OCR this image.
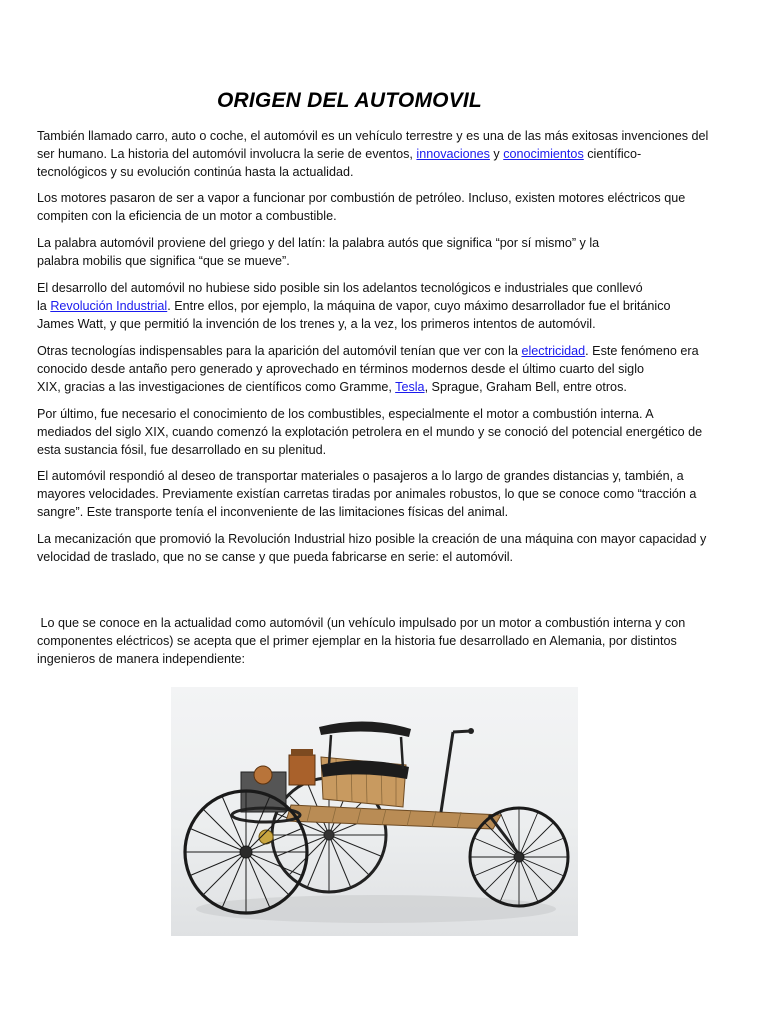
ORIGEN DEL AUTOMOVIL
También llamado carro, auto o coche, el automóvil es un vehículo terrestre y es una de las más exitosas invenciones del
ser humano. La historia del automóvil involucra la serie de eventos, innovaciones y conocimientos científico-
tecnológicos y su evolución continúa hasta la actualidad.
Los motores pasaron de ser a vapor a funcionar por combustión de petróleo. Incluso, existen motores eléctricos que
compiten con la eficiencia de un motor a combustible.
La palabra automóvil proviene del griego y del latín: la palabra autós que significa “por sí mismo” y la
palabra mobilis que significa “que se mueve”.
El desarrollo del automóvil no hubiese sido posible sin los adelantos tecnológicos e industriales que conllevó
la Revolución Industrial. Entre ellos, por ejemplo, la máquina de vapor, cuyo máximo desarrollador fue el británico
James Watt, y que permitió la invención de los trenes y, a la vez, los primeros intentos de automóvil.
Otras tecnologías indispensables para la aparición del automóvil tenían que ver con la electricidad. Este fenómeno era
conocido desde antaño pero generado y aprovechado en términos modernos desde el último cuarto del siglo
XIX, gracias a las investigaciones de científicos como Gramme, Tesla, Sprague, Graham Bell, entre otros.
Por último, fue necesario el conocimiento de los combustibles, especialmente el motor a combustión interna. A
mediados del siglo XIX, cuando comenzó la explotación petrolera en el mundo y se conoció del potencial energético de
esta sustancia fósil, fue desarrollado en su plenitud.
El automóvil respondió al deseo de transportar materiales o pasajeros a lo largo de grandes distancias y, también, a
mayores velocidades. Previamente existían carretas tiradas por animales robustos, lo que se conoce como “tracción a
sangre”. Este transporte tenía el inconveniente de las limitaciones físicas del animal.
La mecanización que promovió la Revolución Industrial hizo posible la creación de una máquina con mayor capacidad y
velocidad de traslado, que no se canse y que pueda fabricarse en serie: el automóvil.
Lo que se conoce en la actualidad como automóvil (un vehículo impulsado por un motor a combustión interna y con
componentes eléctricos) se acepta que el primer ejemplar en la historia fue desarrollado en Alemania, por distintos
ingenieros de manera independiente:
